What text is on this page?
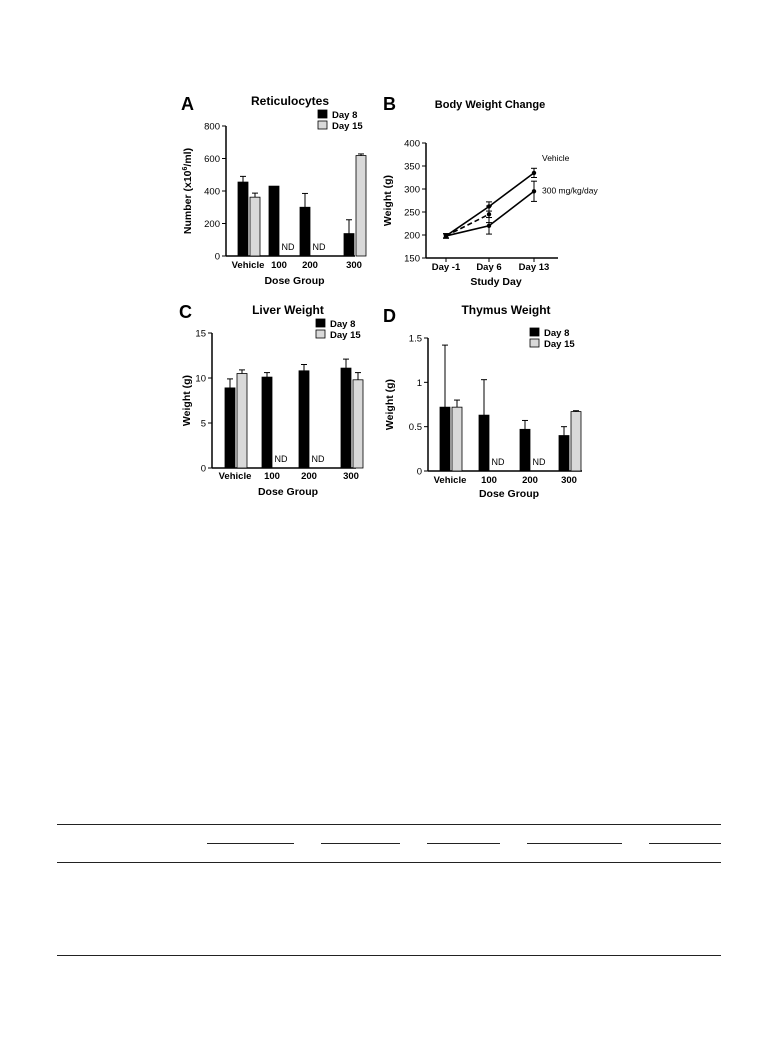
A	Reticulocytes
0
200
400
600
800
Number $(x10^6/ml)$
Dose Group
Vehicle 100
ND
200
ND
300
Day 8
Day 15
B	Body Weight Change
150
200
250
300
350
400
Weight (g)
Study Day
Day -1 Day 6 Day 13
Vehicle
300 mg/kg/day
C	Liver Weight
0
5
10
15
Weight (g)
Dose Group
Vehicle 100
ND
200
ND
300
Day 8
Day 15
D	Thymus Weight
0
0.5
1
1.5
Weight (g)
Dose Group
Vehicle 100
ND
200
ND
300
Day 8
Day 15
